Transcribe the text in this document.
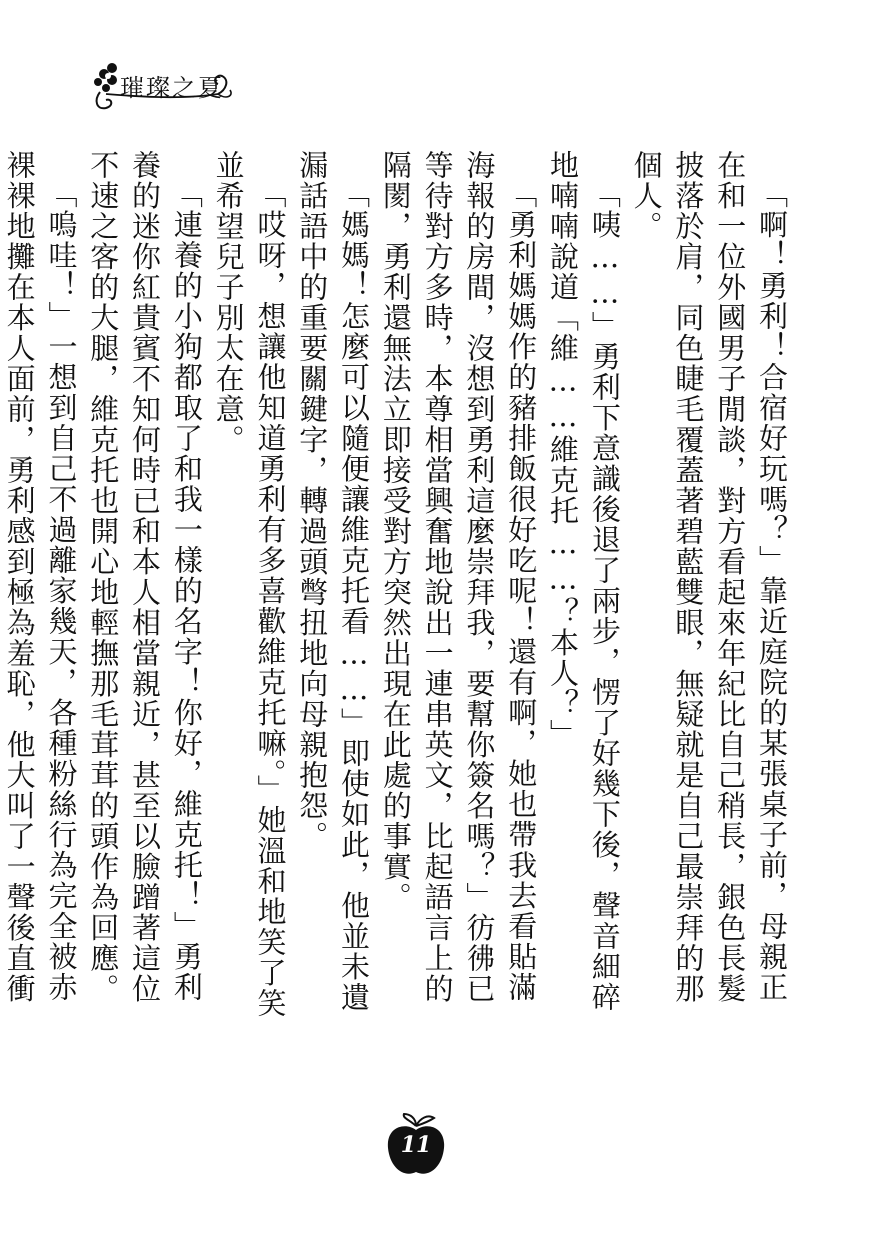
璀璨之夏

「啊！勇利！合宿好玩嗎？」靠近庭院的某張桌子前，母親正在和一位外國男子閒談，對方看起來年紀比自己稍長，銀色長髮披落於肩，同色睫毛覆蓋著碧藍雙眼，無疑就是自己最崇拜的那個人。

「咦……」勇利下意識後退了兩步，愣了好幾下後，聲音細碎地喃喃說道「維……維克托……？本人？」

「勇利媽媽作的豬排飯很好吃呢！還有啊，她也帶我去看貼滿海報的房間，沒想到勇利這麼崇拜我，要幫你簽名嗎？」彷彿已等待對方多時，本尊相當興奮地說出一連串英文，比起語言上的隔閡，勇利還無法立即接受對方突然出現在此處的事實。

「媽媽！怎麼可以隨便讓維克托看……」即使如此，他並未遺漏話語中的重要關鍵字，轉過頭彆扭地向母親抱怨。

「哎呀，想讓他知道勇利有多喜歡維克托嘛。」她溫和地笑了笑並希望兒子別太在意。

「連養的小狗都取了和我一樣的名字！你好，維克托！」勇利養的迷你紅貴賓不知何時已和本人相當親近，甚至以臉蹭著這位不速之客的大腿，維克托也開心地輕撫那毛茸茸的頭作為回應。

「嗚哇！」一想到自己不過離家幾天，各種粉絲行為完全被赤裸裸地攤在本人面前，勇利感到極為羞恥，他大叫了一聲後直衝

11
